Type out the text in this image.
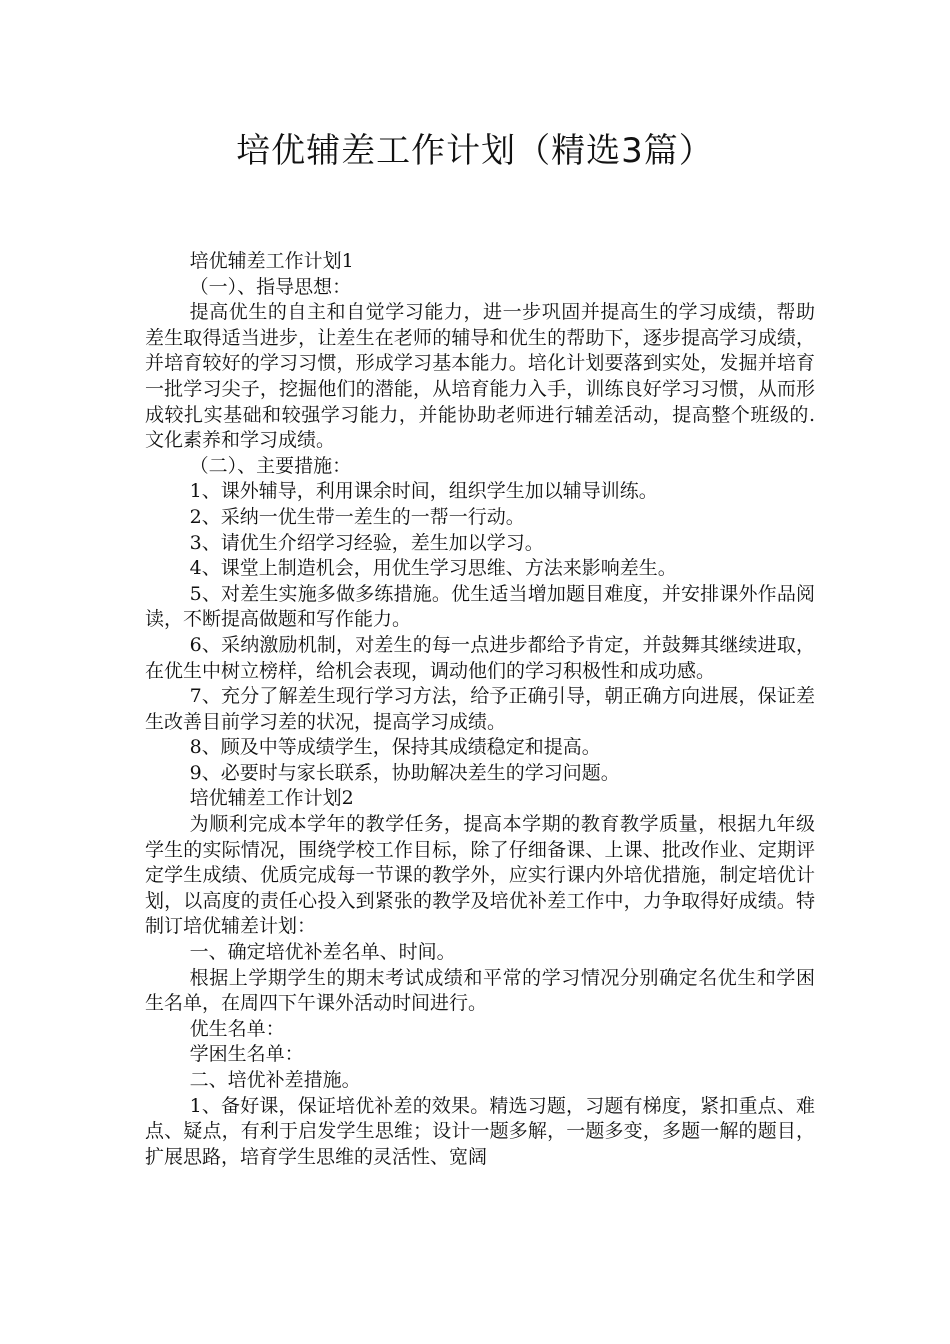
培优辅差工作计划（精选3篇）

培优辅差工作计划1

（一）、指导思想：

提高优生的自主和自觉学习能力，进一步巩固并提高生的学习成绩，帮助差生取得适当进步，让差生在老师的辅导和优生的帮助下，逐步提高学习成绩，并培育较好的学习习惯，形成学习基本能力。培化计划要落到实处，发掘并培育一批学习尖子，挖掘他们的潜能，从培育能力入手，训练良好学习习惯，从而形成较扎实基础和较强学习能力，并能协助老师进行辅差活动，提高整个班级的.文化素养和学习成绩。

（二）、主要措施：

1、课外辅导，利用课余时间，组织学生加以辅导训练。

2、采纳一优生带一差生的一帮一行动。

3、请优生介绍学习经验，差生加以学习。

4、课堂上制造机会，用优生学习思维、方法来影响差生。

5、对差生实施多做多练措施。优生适当增加题目难度，并安排课外作品阅读，不断提高做题和写作能力。

6、采纳激励机制，对差生的每一点进步都给予肯定，并鼓舞其继续进取，在优生中树立榜样，给机会表现，调动他们的学习积极性和成功感。

7、充分了解差生现行学习方法，给予正确引导，朝正确方向进展，保证差生改善目前学习差的状况，提高学习成绩。

8、顾及中等成绩学生，保持其成绩稳定和提高。

9、必要时与家长联系，协助解决差生的学习问题。

培优辅差工作计划2

为顺利完成本学年的教学任务，提高本学期的教育教学质量，根据九年级学生的实际情况，围绕学校工作目标，除了仔细备课、上课、批改作业、定期评定学生成绩、优质完成每一节课的教学外，应实行课内外培优措施，制定培优计划，以高度的责任心投入到紧张的教学及培优补差工作中，力争取得好成绩。特制订培优辅差计划：

一、确定培优补差名单、时间。

根据上学期学生的期末考试成绩和平常的学习情况分别确定名优生和学困生名单，在周四下午课外活动时间进行。

优生名单：

学困生名单：

二、培优补差措施。

1、备好课，保证培优补差的效果。精选习题，习题有梯度，紧扣重点、难点、疑点，有利于启发学生思维；设计一题多解，一题多变，多题一解的题目，扩展思路，培育学生思维的灵活性、宽阔
